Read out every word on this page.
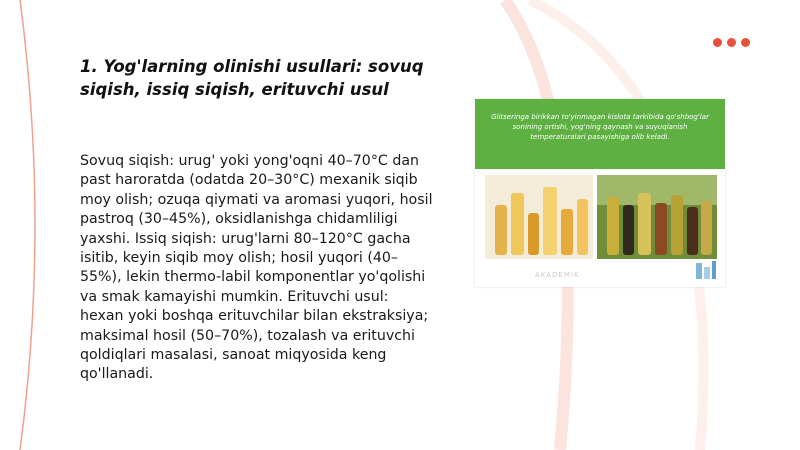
1. Yog'larning olinishi usullari: sovuq siqish, issiq siqish, erituvchi usul

Sovuq siqish: urug' yoki yong'oqni 40–70°C dan past haroratda (odatda 20–30°C) mexanik siqib moy olish; ozuqa qiymati va aromasi yuqori, hosil pastroq (30–45%), oksidlanishga chidamliligi yaxshi. Issiq siqish: urug'larni 80–120°C gacha isitib, keyin siqib moy olish; hosil yuqori (40–55%), lekin thermo-labil komponentlar yo'qolishi va smak kamayishi mumkin. Erituvchi usul: hexan yoki boshqa erituvchilar bilan ekstraksiya; maksimal hosil (50–70%), tozalash va erituvchi qoldiqlari masalasi, sanoat miqyosida keng qo'llanadi.

Glitseringa birikkan to'yinmagan kislota tarkibida qo'shbog'lar sonining ortishi, yog'ning qaynash va suyuqlanish temperaturalari pasayishiga olib keladi.
AKADEMIK
